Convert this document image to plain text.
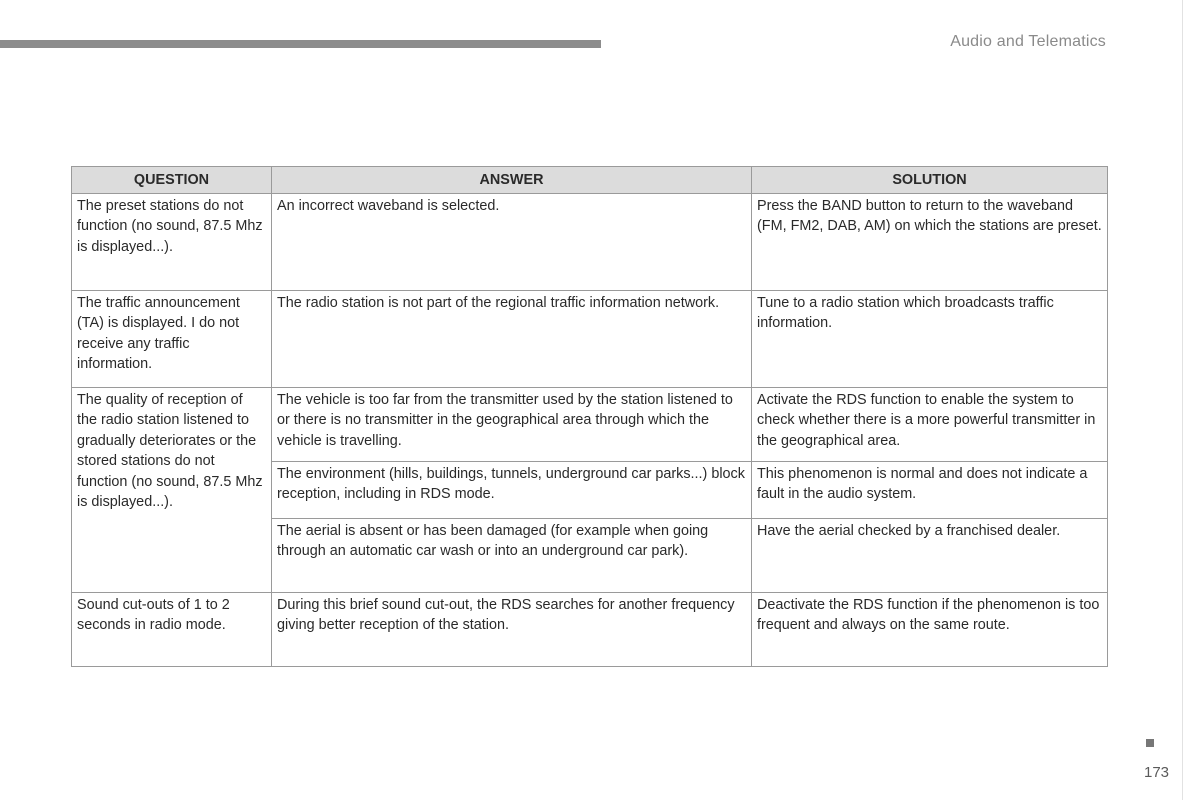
Audio and Telematics
QUESTION	ANSWER	SOLUTION
The preset stations do not function (no sound, 87.5 Mhz is displayed...).	An incorrect waveband is selected.	Press the BAND button to return to the waveband (FM, FM2, DAB, AM) on which the stations are preset.
The traffic announcement (TA) is displayed. I do not receive any traffic information.	The radio station is not part of the regional traffic information network.	Tune to a radio station which broadcasts traffic information.
The quality of reception of the radio station listened to gradually deteriorates or the stored stations do not function (no sound, 87.5 Mhz is displayed...).	The vehicle is too far from the transmitter used by the station listened to or there is no transmitter in the geographical area through which the vehicle is travelling.	Activate the RDS function to enable the system to check whether there is a more powerful transmitter in the geographical area.
	The environment (hills, buildings, tunnels, underground car parks...) block reception, including in RDS mode.	This phenomenon is normal and does not indicate a fault in the audio system.
	The aerial is absent or has been damaged (for example when going through an automatic car wash or into an underground car park).	Have the aerial checked by a franchised dealer.
Sound cut-outs of 1 to 2 seconds in radio mode.	During this brief sound cut-out, the RDS searches for another frequency giving better reception of the station.	Deactivate the RDS function if the phenomenon is too frequent and always on the same route.
173
